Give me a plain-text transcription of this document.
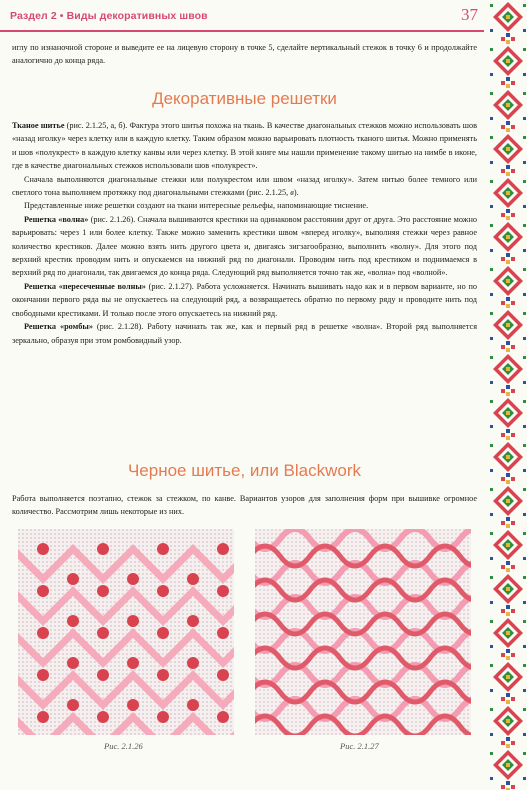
Раздел 2 • Виды декоративных швов	37

иглу по изнаночной стороне и выведите ее на лицевую сторону в точке 5, сделайте вертикальный стежок в точку 6 и продолжайте аналогично до конца ряда.

Декоративные решетки

Тканое шитье (рис. 2.1.25, а, б). Фактура этого шитья похожа на ткань. В качестве диагональных стежков можно использовать шов «назад иголку» через клетку или в каждую клетку. Таким образом можно варьировать плотность тканого шитья. Можно применять и шов «полукрест» в каждую клетку канвы или через клетку. В этой книге мы нашли применение такому шитью на нимбе в иконе, где в качестве диагональных стежков использовали шов «полукрест».

Сначала выполняются диагональные стежки или полукрестом или швом «назад иголку». Затем нитью более темного или светлого тона выполняем протяжку под диагональными стежками (рис. 2.1.25, в).

Представленные ниже решетки создают на ткани интересные рельефы, напоминающие тиснение.

Решетка «волна» (рис. 2.1.26). Сначала вышиваются крестики на одинаковом расстоянии друг от друга. Это расстояние можно варьировать: через 1 или более клетку. Также можно заменить крестики швом «вперед иголку», выполняя стежки через равное количество крестиков. Далее можно взять нить другого цвета и, двигаясь зигзагообразно, выполнить «волну». Для этого под верхний крестик проводим нить и опускаемся на нижний ряд по диагонали. Проводим нить под крестиком и поднимаемся в верхний ряд по диагонали, так двигаемся до конца ряда. Следующий ряд выполняется точно так же, «волна» под «волной».

Решетка «пересеченные волны» (рис. 2.1.27). Работа усложняется. Начинать вышивать надо как и в первом варианте, но по окончании первого ряда вы не опускаетесь на следующий ряд, а возвращаетесь обратно по первому ряду и проводите нить под свободными крестиками. И только после этого опускаетесь на нижний ряд.

Решетка «ромбы» (рис. 2.1.28). Работу начинать так же, как и первый ряд в решетке «волна». Второй ряд выполняется зеркально, образуя при этом ромбовидный узор.

Черное шитье, или Blackwork

Работа выполняется поэтапно, стежок за стежком, по канве. Вариантов узоров для заполнения форм при вышивке огромное количество. Рассмотрим лишь некоторые из них.

Рис. 2.1.26	Рис. 2.1.27
